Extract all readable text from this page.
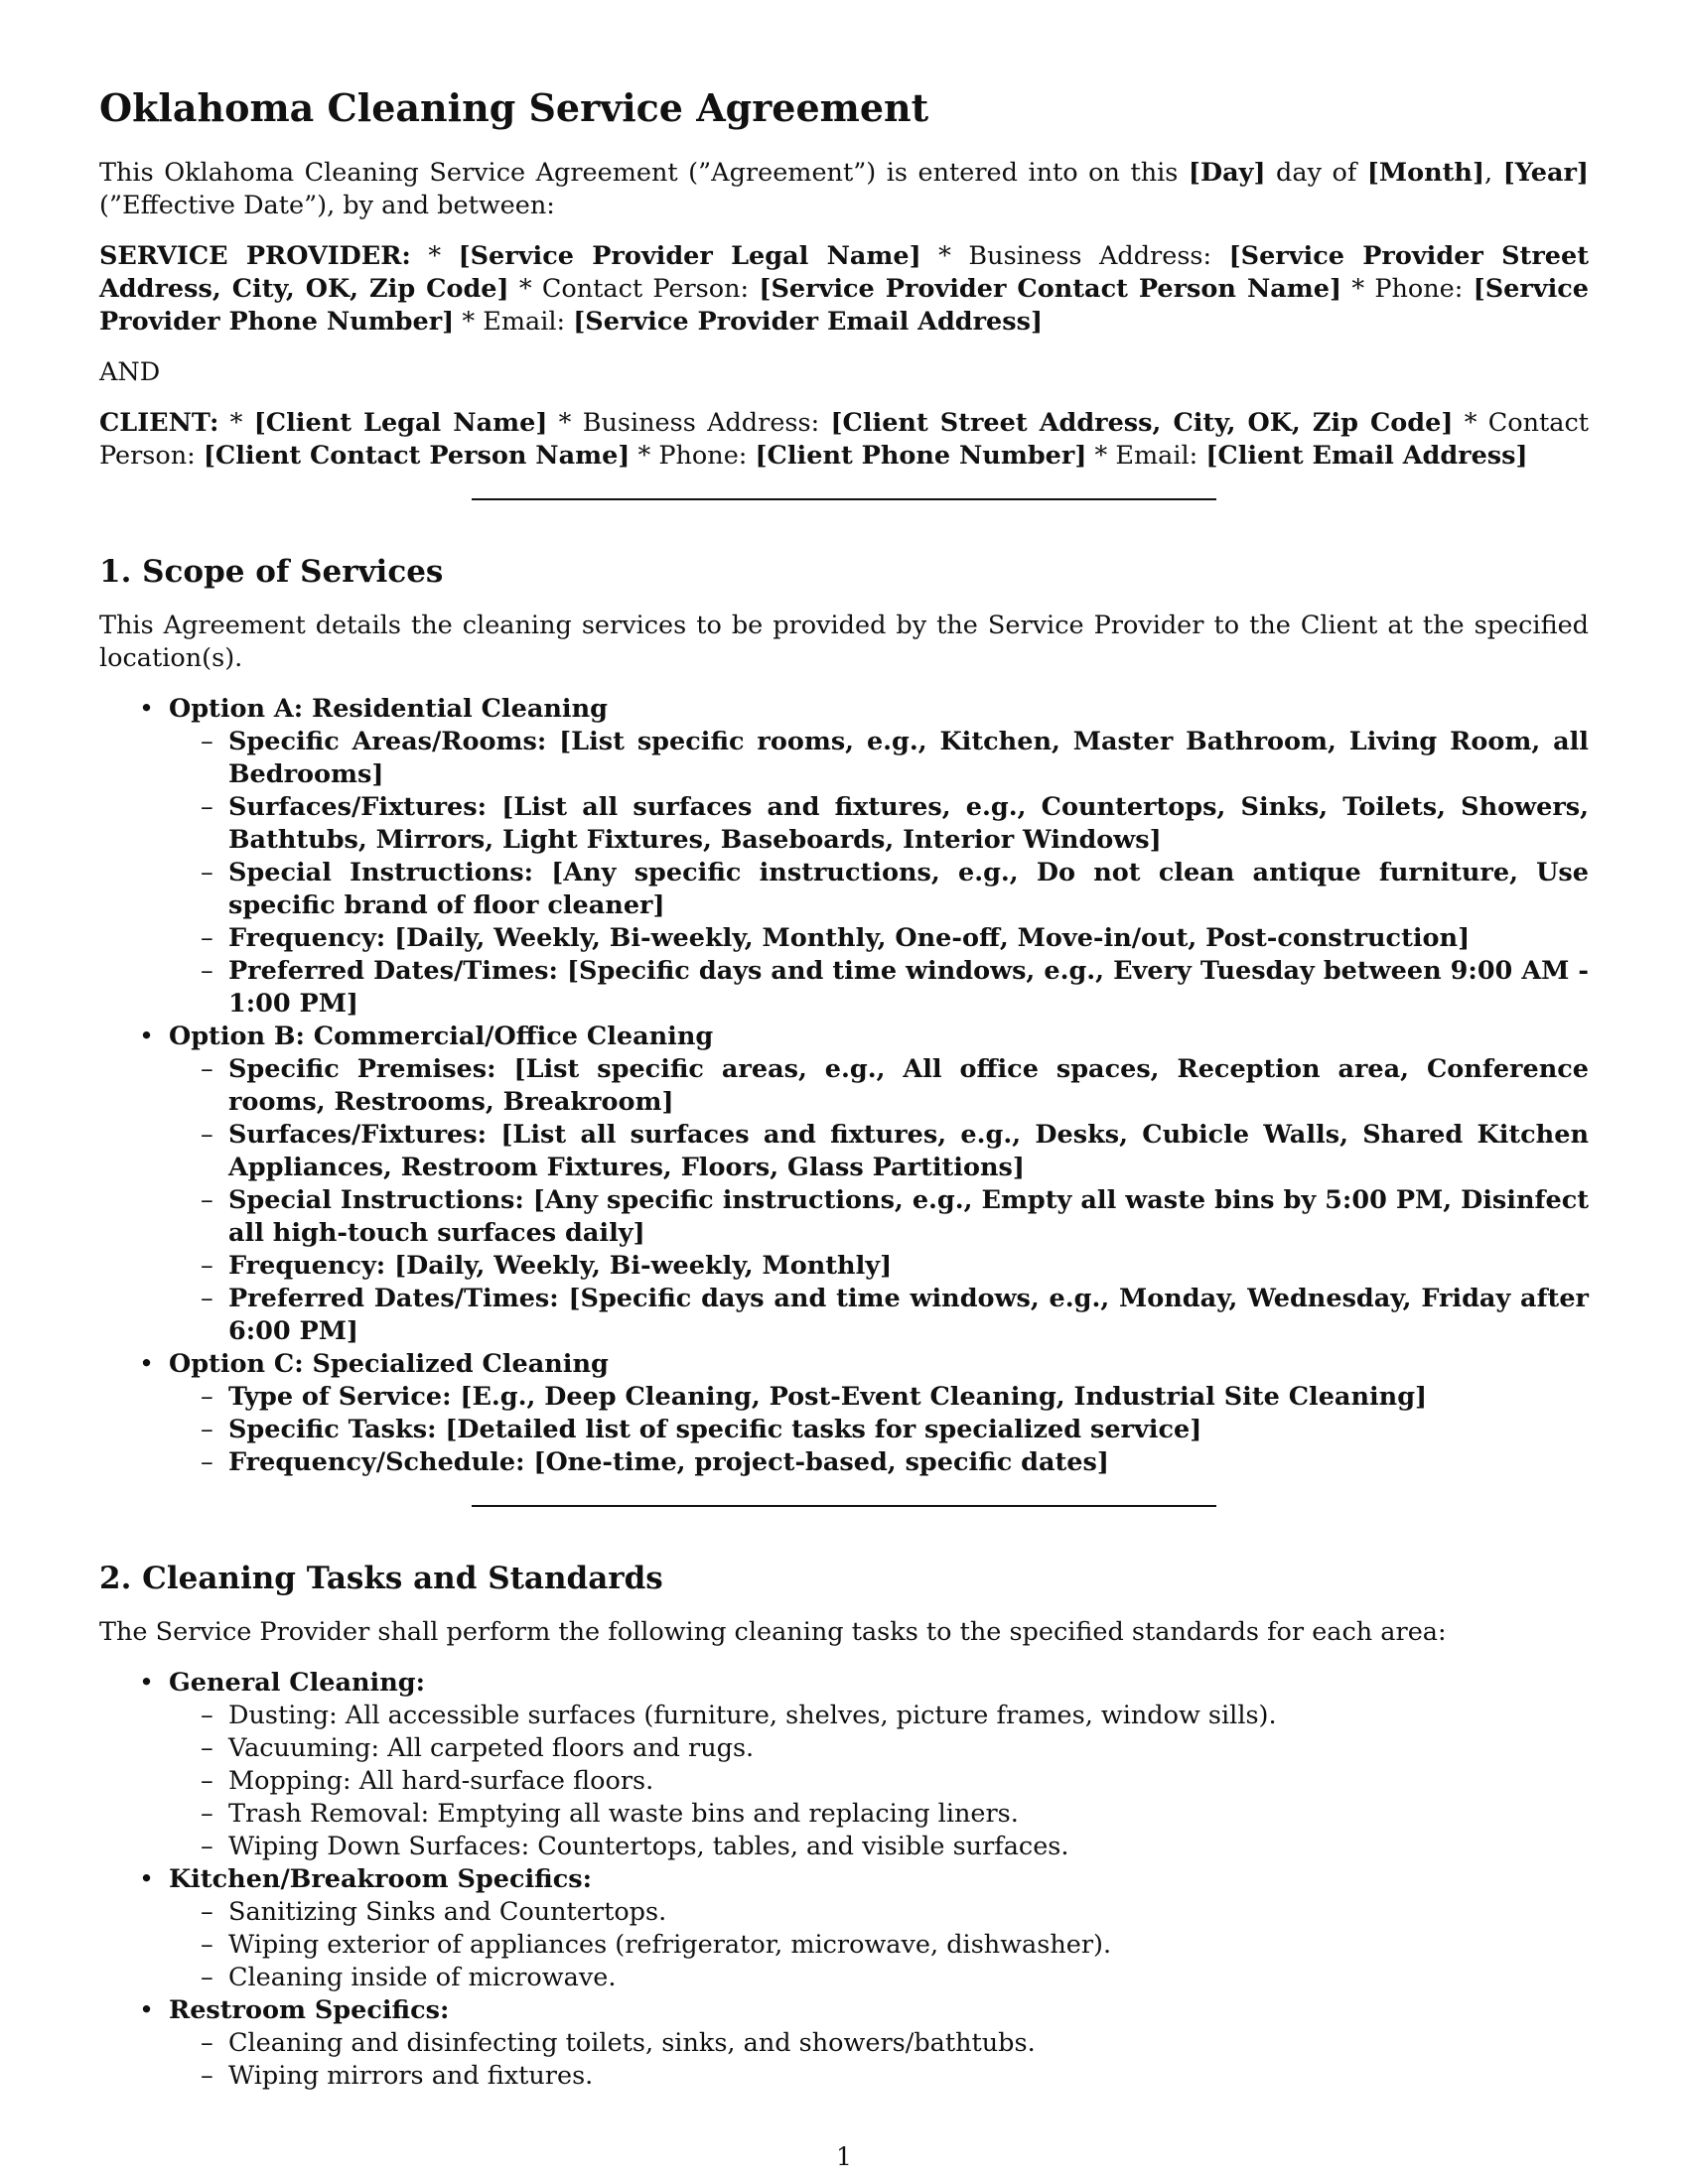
Oklahoma Cleaning Service Agreement

This Oklahoma Cleaning Service Agreement (”Agreement”) is entered into on this [Day] day of [Month], [Year] (”Effective Date”), by and between:

SERVICE PROVIDER: * [Service Provider Legal Name] * Business Address: [Service Provider Street Address, City, OK, Zip Code] * Contact Person: [Service Provider Contact Person Name] * Phone: [Service Provider Phone Number] * Email: [Service Provider Email Address]

AND

CLIENT: * [Client Legal Name] * Business Address: [Client Street Address, City, OK, Zip Code] * Contact Person: [Client Contact Person Name] * Phone: [Client Phone Number] * Email: [Client Email Address]

1. Scope of Services

This Agreement details the cleaning services to be provided by the Service Provider to the Client at the specified location(s).

• Option A: Residential Cleaning
– Specific Areas/Rooms: [List specific rooms, e.g., Kitchen, Master Bathroom, Living Room, all Bedrooms]
– Surfaces/Fixtures: [List all surfaces and fixtures, e.g., Countertops, Sinks, Toilets, Showers, Bathtubs, Mirrors, Light Fixtures, Baseboards, Interior Windows]
– Special Instructions: [Any specific instructions, e.g., Do not clean antique furniture, Use specific brand of floor cleaner]
– Frequency: [Daily, Weekly, Bi-weekly, Monthly, One-off, Move-in/out, Post-construction]
– Preferred Dates/Times: [Specific days and time windows, e.g., Every Tuesday between 9:00 AM - 1:00 PM]
• Option B: Commercial/Office Cleaning
– Specific Premises: [List specific areas, e.g., All office spaces, Reception area, Conference rooms, Restrooms, Breakroom]
– Surfaces/Fixtures: [List all surfaces and fixtures, e.g., Desks, Cubicle Walls, Shared Kitchen Appliances, Restroom Fixtures, Floors, Glass Partitions]
– Special Instructions: [Any specific instructions, e.g., Empty all waste bins by 5:00 PM, Disinfect all high-touch surfaces daily]
– Frequency: [Daily, Weekly, Bi-weekly, Monthly]
– Preferred Dates/Times: [Specific days and time windows, e.g., Monday, Wednesday, Friday after 6:00 PM]
• Option C: Specialized Cleaning
– Type of Service: [E.g., Deep Cleaning, Post-Event Cleaning, Industrial Site Cleaning]
– Specific Tasks: [Detailed list of specific tasks for specialized service]
– Frequency/Schedule: [One-time, project-based, specific dates]
2. Cleaning Tasks and Standards

The Service Provider shall perform the following cleaning tasks to the specified standards for each area:

• General Cleaning:
– Dusting: All accessible surfaces (furniture, shelves, picture frames, window sills).
– Vacuuming: All carpeted floors and rugs.
– Mopping: All hard-surface floors.
– Trash Removal: Emptying all waste bins and replacing liners.
– Wiping Down Surfaces: Countertops, tables, and visible surfaces.
• Kitchen/Breakroom Specifics:
– Sanitizing Sinks and Countertops.
– Wiping exterior of appliances (refrigerator, microwave, dishwasher).
– Cleaning inside of microwave.
• Restroom Specifics:
– Cleaning and disinfecting toilets, sinks, and showers/bathtubs.
– Wiping mirrors and fixtures.
1
